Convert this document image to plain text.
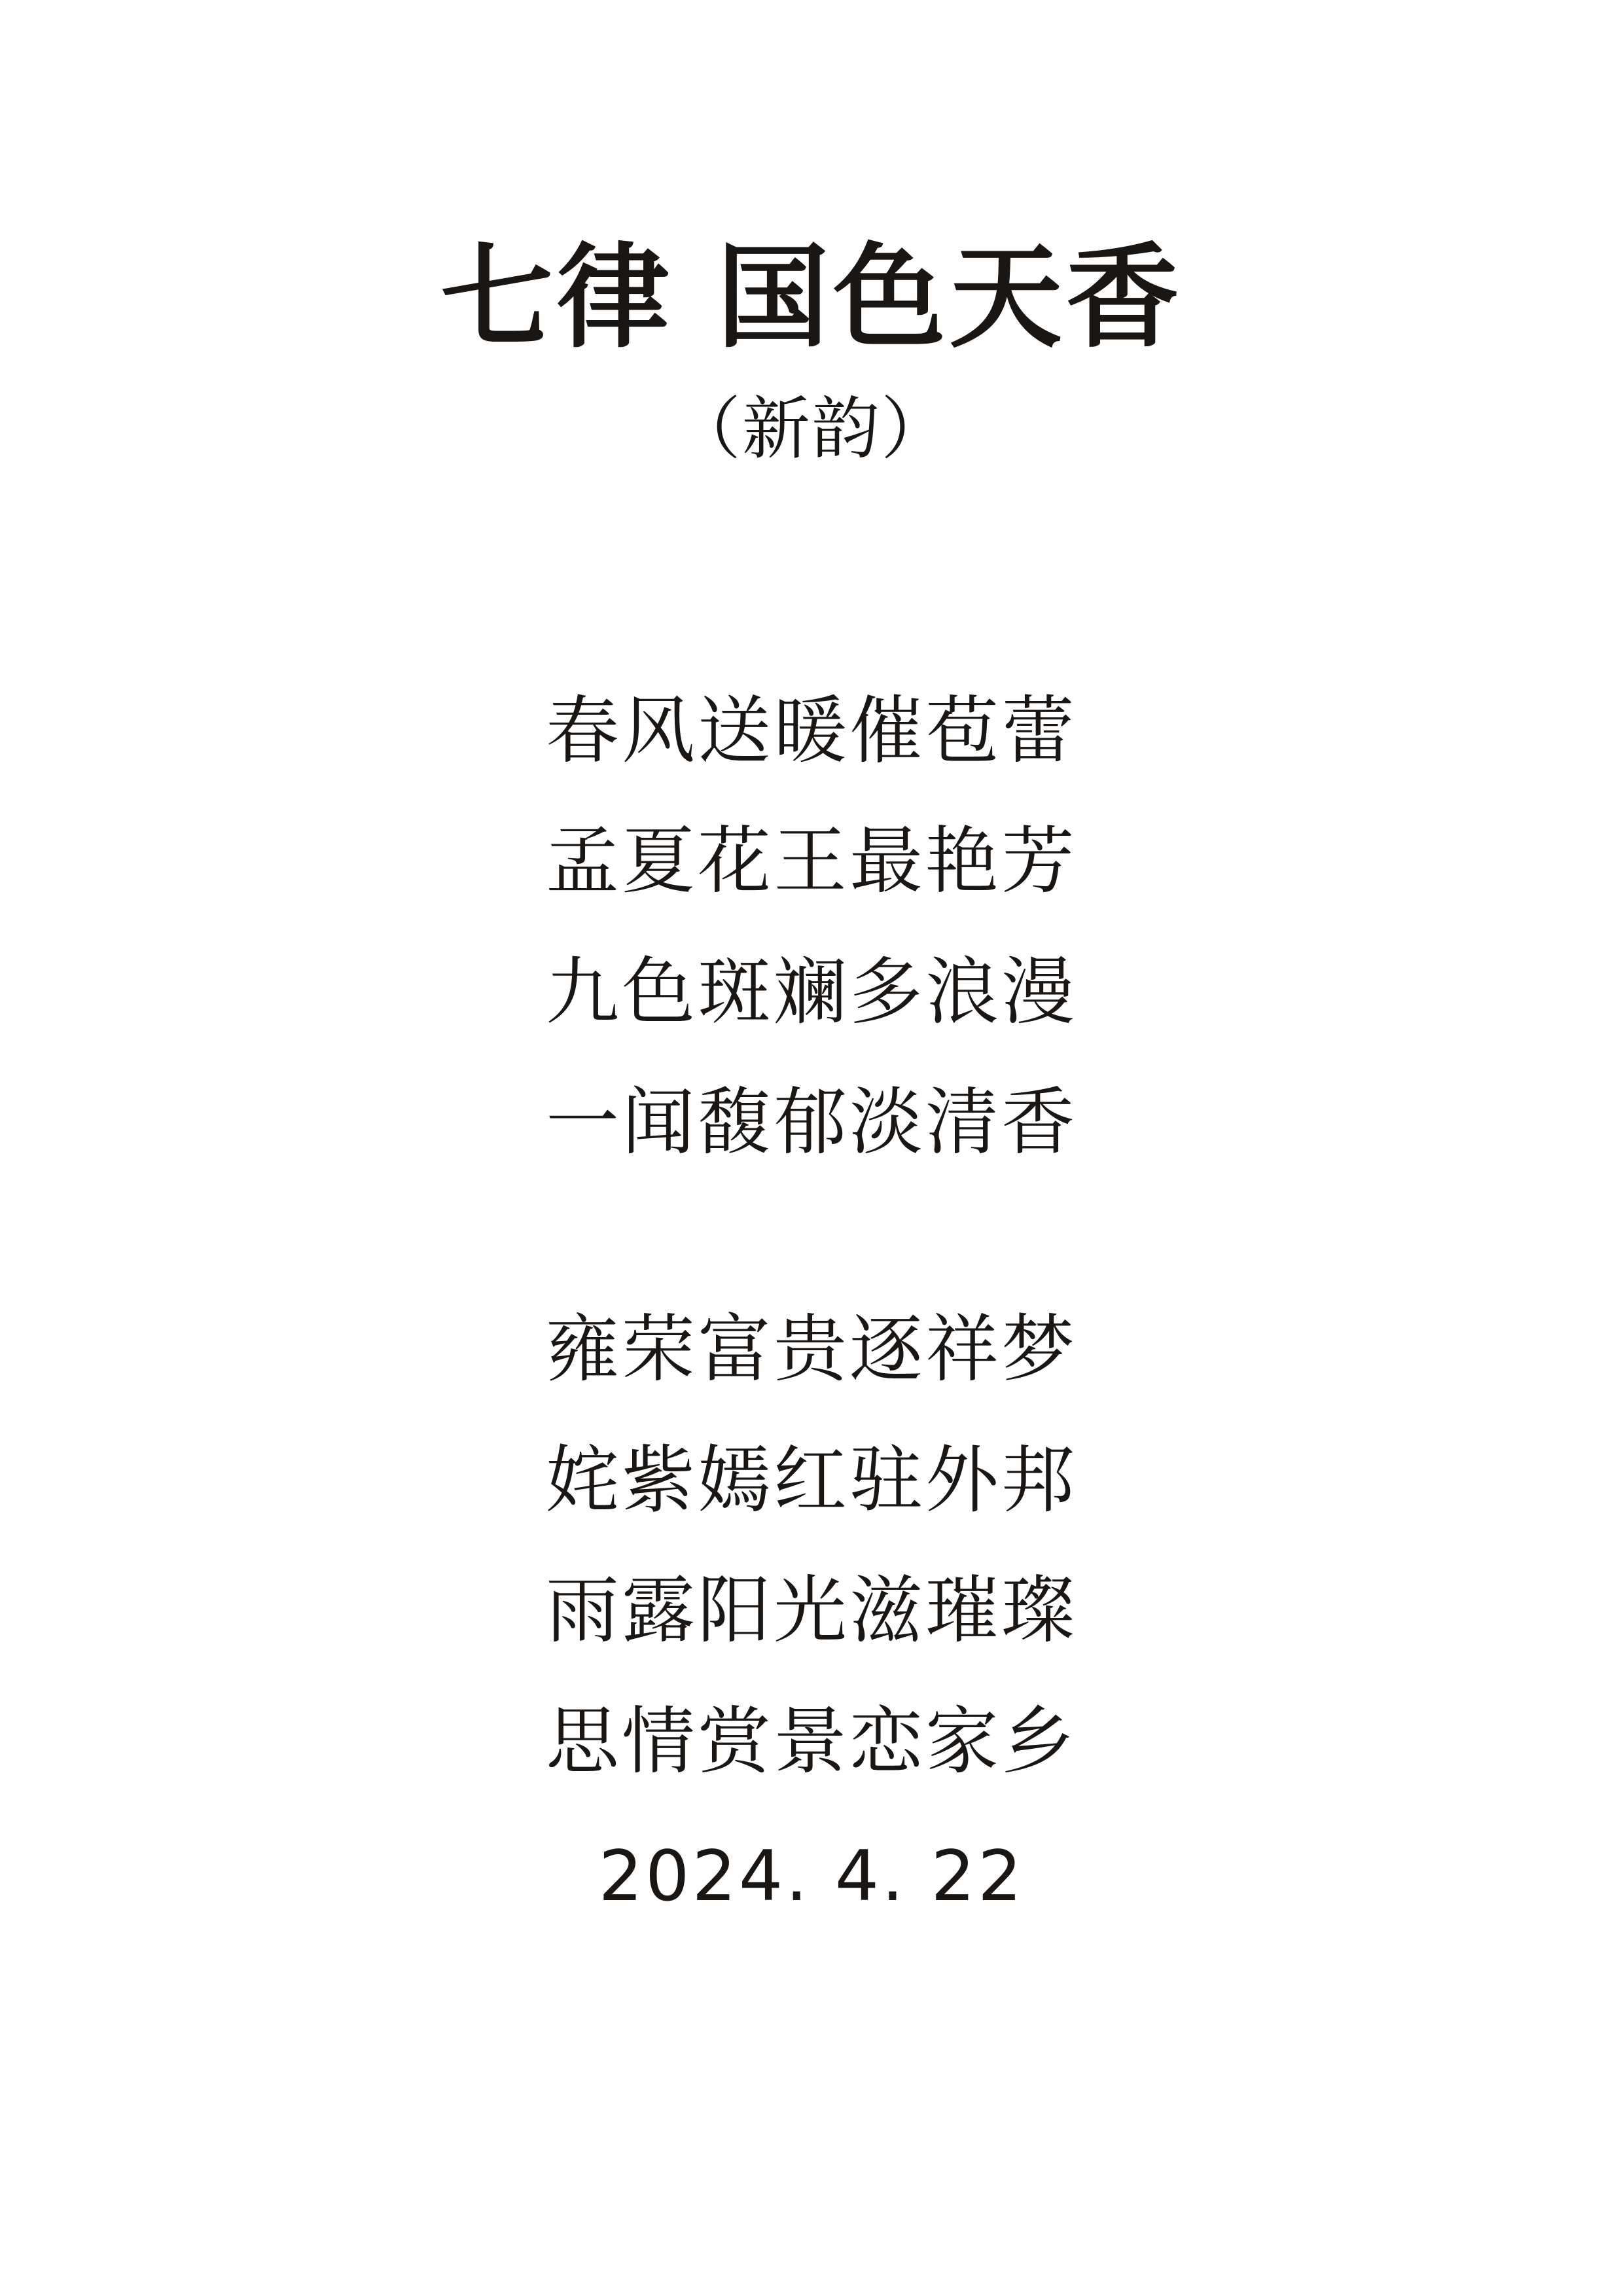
七律 国色天香
（新韵）
春风送暖催苞蕾
孟夏花王最艳芳
九色斑斓多浪漫
一闻馥郁淡清香
雍荣富贵逐祥梦
姹紫嫣红驻外邦
雨露阳光滋璀璨
思情赏景恋家乡
2024. 4. 22
